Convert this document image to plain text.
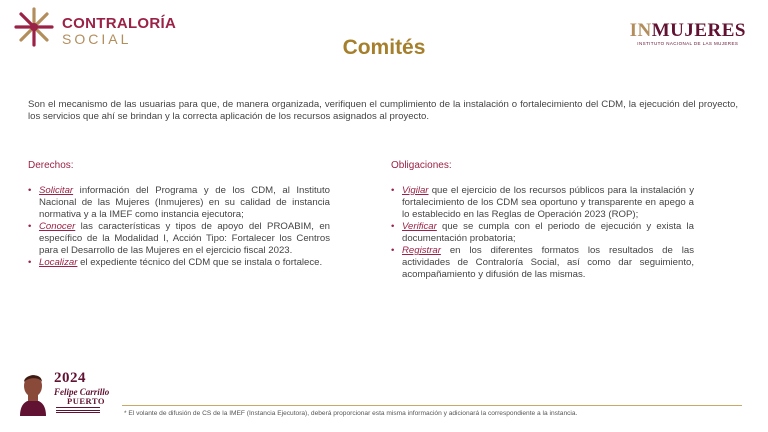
CONTRALORÍA
SOCIAL	INMUJERES
INSTITUTO NACIONAL DE LAS MUJERES
Comités
Son el mecanismo de las usuarias para que, de manera organizada, verifiquen el cumplimiento de la instalación o fortalecimiento del CDM, la ejecución del proyecto, los servicios que ahí se brindan y la correcta aplicación de los recursos asignados al proyecto.
Derechos:
• Solicitar información del Programa y de los CDM, al Instituto Nacional de las Mujeres (Inmujeres) en su calidad de instancia normativa y a la IMEF como instancia ejecutora;
• Conocer las características y tipos de apoyo del PROABIM, en específico de la Modalidad I, Acción Tipo: Fortalecer los Centros para el Desarrollo de las Mujeres en el ejercicio fiscal 2023.
• Localizar el expediente técnico del CDM que se instala o fortalece.
Obligaciones:
• Vigilar que el ejercicio de los recursos públicos para la instalación y fortalecimiento de los CDM sea oportuno y transparente en apego a lo establecido en las Reglas de Operación 2023 (ROP);
• Verificar que se cumpla con el periodo de ejecución y exista la documentación probatoria;
• Registrar en los diferentes formatos los resultados de las actividades de Contraloría Social, así como dar seguimiento, acompañamiento y difusión de las mismas.
2024
Felipe Carrillo
PUERTO
* El volante de difusión de CS de la IMEF (Instancia Ejecutora), deberá proporcionar esta misma información y adicionará la correspondiente a la instancia.
